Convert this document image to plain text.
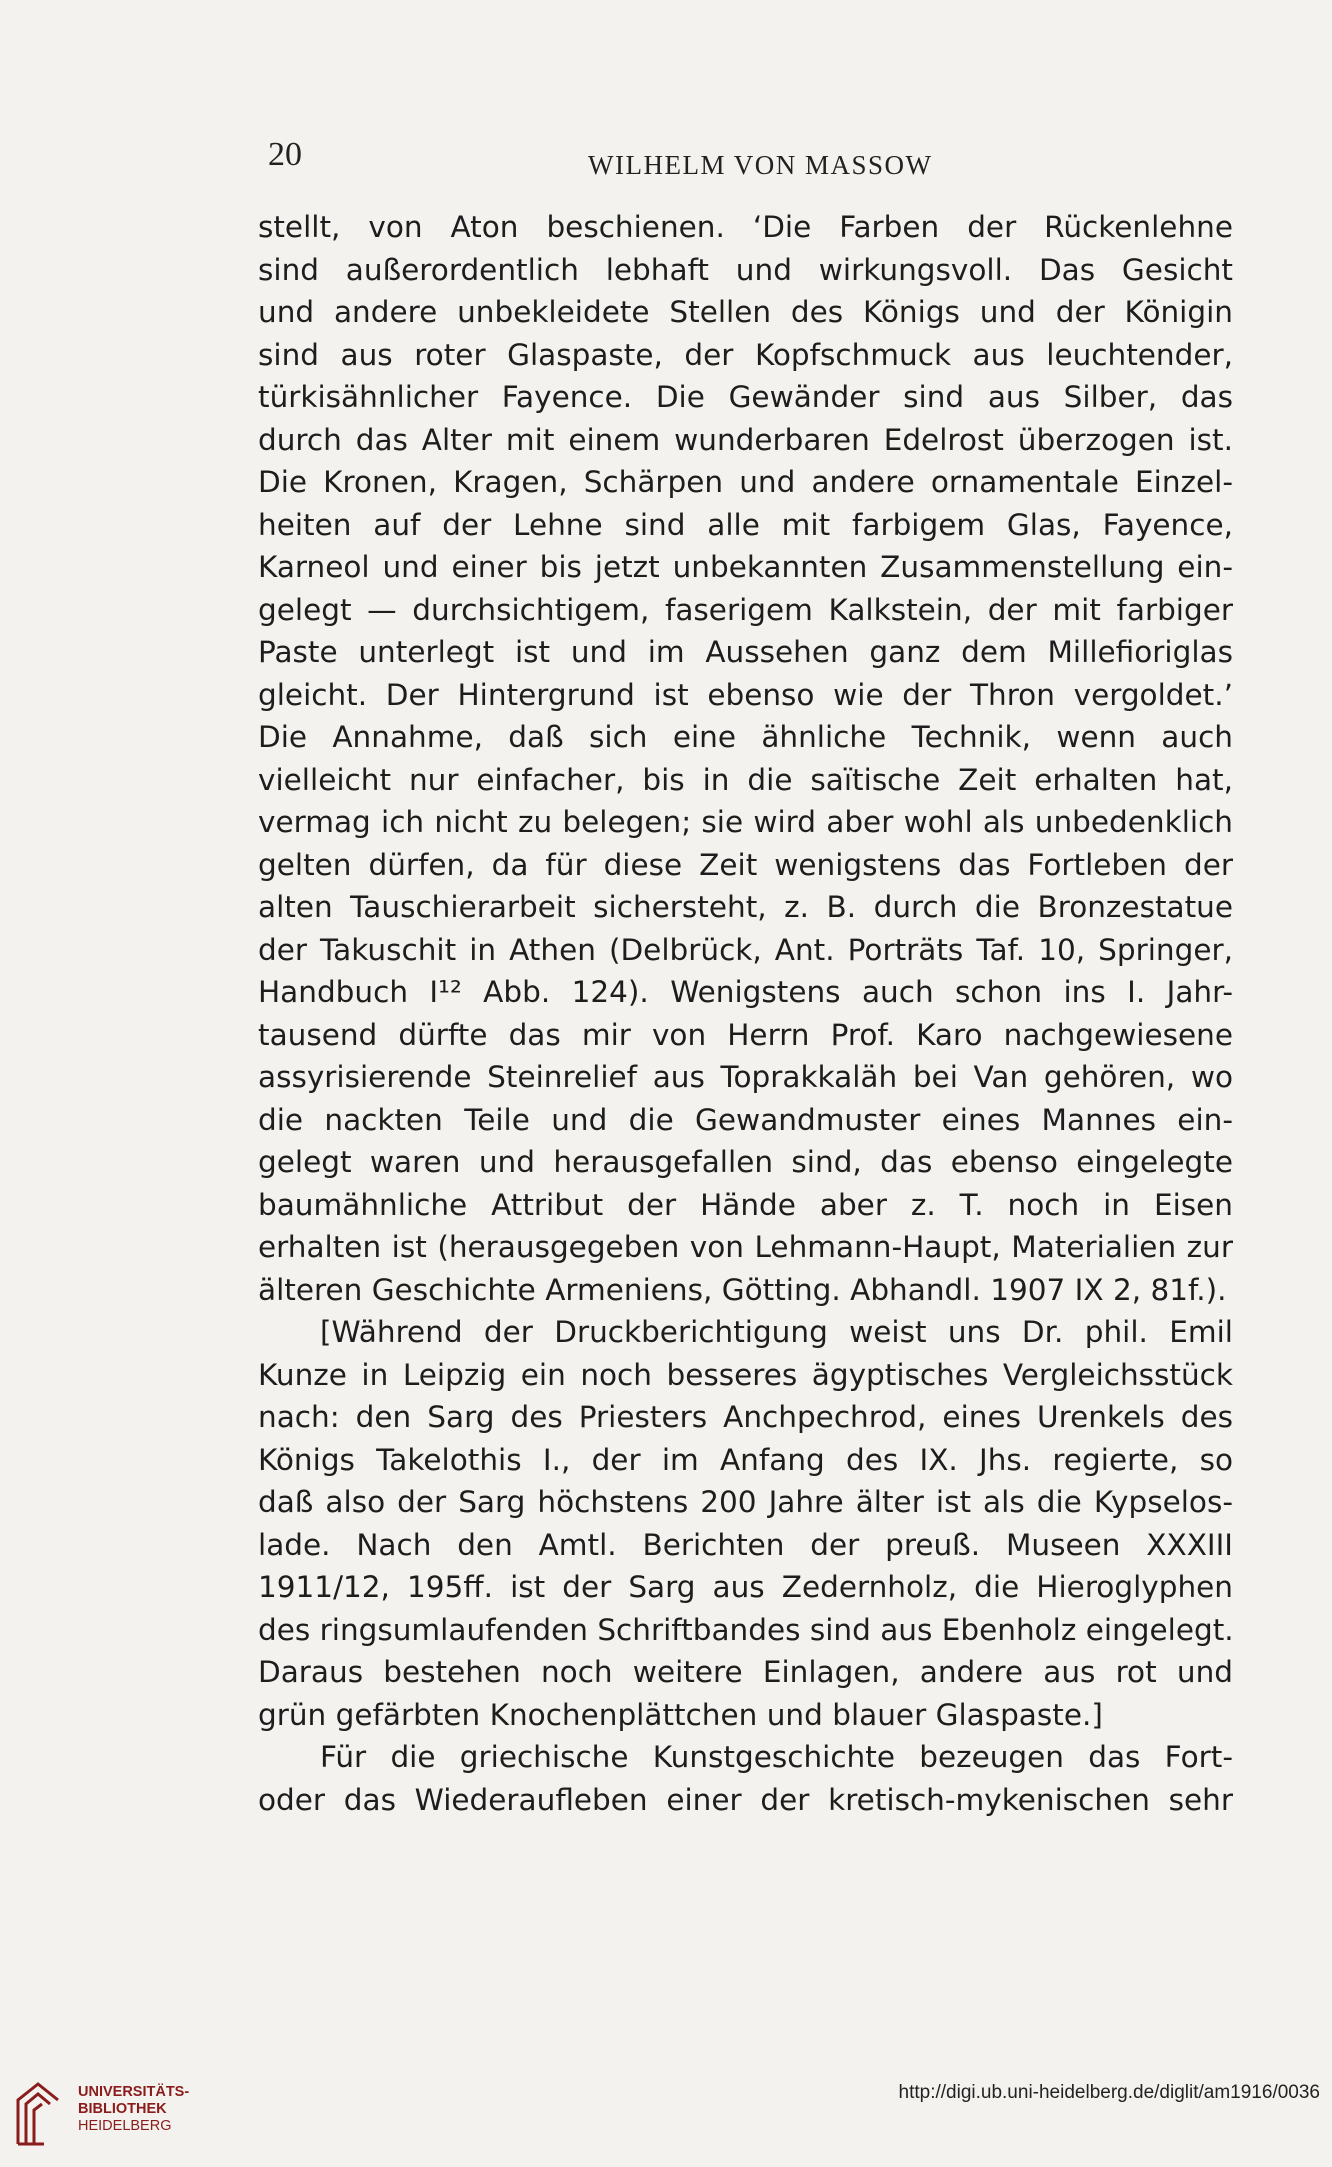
20	WILHELM VON MASSOW
stellt, von Aton beschienen. ‘Die Farben der Rückenlehne
sind außerordentlich lebhaft und wirkungsvoll. Das Gesicht
und andere unbekleidete Stellen des Königs und der Königin
sind aus roter Glaspaste, der Kopfschmuck aus leuchtender,
türkisähnlicher Fayence. Die Gewänder sind aus Silber, das
durch das Alter mit einem wunderbaren Edelrost überzogen ist.
Die Kronen, Kragen, Schärpen und andere ornamentale Einzel-
heiten auf der Lehne sind alle mit farbigem Glas, Fayence,
Karneol und einer bis jetzt unbekannten Zusammenstellung ein-
gelegt — durchsichtigem, faserigem Kalkstein, der mit farbiger
Paste unterlegt ist und im Aussehen ganz dem Millefioriglas
gleicht. Der Hintergrund ist ebenso wie der Thron vergoldet.’
Die Annahme, daß sich eine ähnliche Technik, wenn auch
vielleicht nur einfacher, bis in die saïtische Zeit erhalten hat,
vermag ich nicht zu belegen; sie wird aber wohl als unbedenklich
gelten dürfen, da für diese Zeit wenigstens das Fortleben der
alten Tauschierarbeit sichersteht, z. B. durch die Bronzestatue
der Takuschit in Athen (Delbrück, Ant. Porträts Taf. 10, Springer,
Handbuch I¹² Abb. 124). Wenigstens auch schon ins I. Jahr-
tausend dürfte das mir von Herrn Prof. Karo nachgewiesene
assyrisierende Steinrelief aus Toprakkaläh bei Van gehören, wo
die nackten Teile und die Gewandmuster eines Mannes ein-
gelegt waren und herausgefallen sind, das ebenso eingelegte
baumähnliche Attribut der Hände aber z. T. noch in Eisen
erhalten ist (herausgegeben von Lehmann-Haupt, Materialien zur
älteren Geschichte Armeniens, Götting. Abhandl. 1907 IX 2, 81f.).
[Während der Druckberichtigung weist uns Dr. phil. Emil
Kunze in Leipzig ein noch besseres ägyptisches Vergleichsstück
nach: den Sarg des Priesters Anchpechrod, eines Urenkels des
Königs Takelothis I., der im Anfang des IX. Jhs. regierte, so
daß also der Sarg höchstens 200 Jahre älter ist als die Kypselos-
lade. Nach den Amtl. Berichten der preuß. Museen XXXIII
1911/12, 195ff. ist der Sarg aus Zedernholz, die Hieroglyphen
des ringsumlaufenden Schriftbandes sind aus Ebenholz eingelegt.
Daraus bestehen noch weitere Einlagen, andere aus rot und
grün gefärbten Knochenplättchen und blauer Glaspaste.]
Für die griechische Kunstgeschichte bezeugen das Fort-
oder das Wiederaufleben einer der kretisch-mykenischen sehr
UNIVERSITÄTS-
BIBLIOTHEK
HEIDELBERG
http://digi.ub.uni-heidelberg.de/diglit/am1916/0036
